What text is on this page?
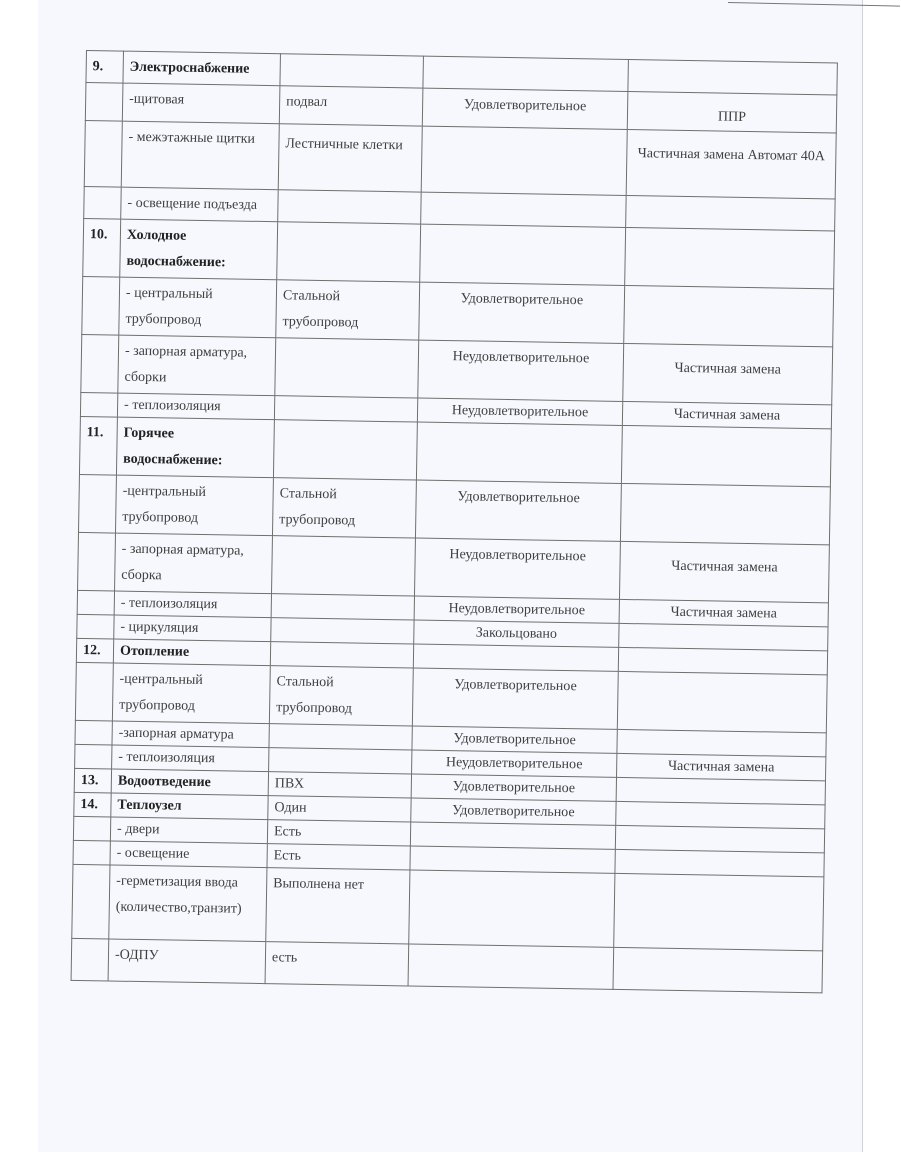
9.	Электроснабжение			
	-щитовая	подвал	Удовлетворительное	ППР

	- межэтажные щитки	Лестничные клетки		Частичная замена Автомат 40А

	- освещение подъезда			
10.	Холодное водоснабжение:			
	- центральный трубопровод	Стальной трубопровод	Удовлетворительное	
	- запорная арматура, сборки		Неудовлетворительное	Частичная замена

	- теплоизоляция		Неудовлетворительное	Частичная замена
11.	Горячее водоснабжение:			
	-центральный трубопровод	Стальной трубопровод	Удовлетворительное	
	- запорная арматура, сборка		Неудовлетворительное	Частичная замена

	- теплоизоляция		Неудовлетворительное	Частичная замена
	- циркуляция		Закольцовано	
12.	Отопление			
	-центральный трубопровод	Стальной трубопровод	Удовлетворительное	
	-запорная арматура		Удовлетворительное	
	- теплоизоляция		Неудовлетворительное	Частичная замена
13.	Водоотведение	ПВХ	Удовлетворительное	
14.	Теплоузел	Один	Удовлетворительное	
	- двери	Есть		
	- освещение	Есть		
	-герметизация ввода (количество,транзит)	Выполнена нет		
	-ОДПУ	есть		
